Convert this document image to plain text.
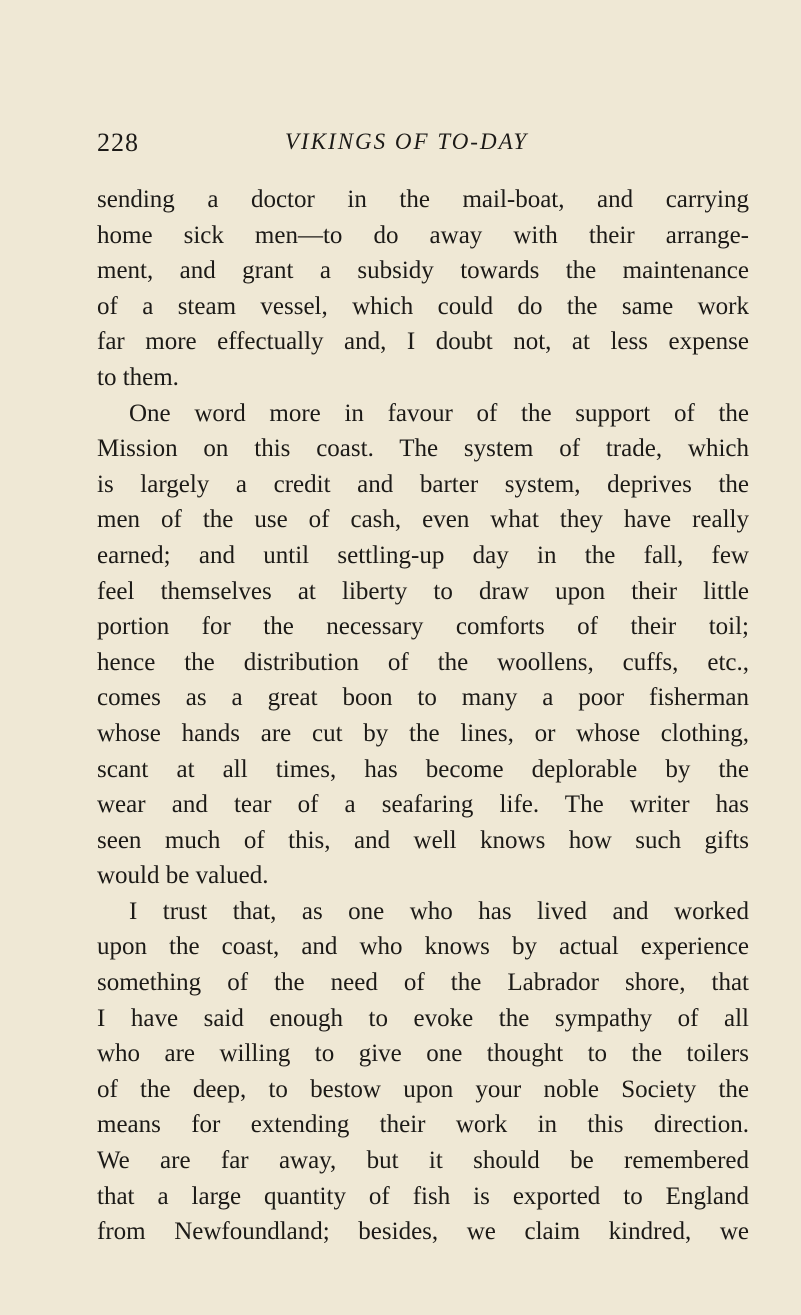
228	VIKINGS OF TO-DAY
sending a doctor in the mail-boat, and carrying
home sick men—to do away with their arrange-
ment, and grant a subsidy towards the maintenance
of a steam vessel, which could do the same work
far more effectually and, I doubt not, at less expense
to them.
One word more in favour of the support of the
Mission on this coast. The system of trade, which
is largely a credit and barter system, deprives the
men of the use of cash, even what they have really
earned; and until settling-up day in the fall, few
feel themselves at liberty to draw upon their little
portion for the necessary comforts of their toil;
hence the distribution of the woollens, cuffs, etc.,
comes as a great boon to many a poor fisherman
whose hands are cut by the lines, or whose clothing,
scant at all times, has become deplorable by the
wear and tear of a seafaring life. The writer has
seen much of this, and well knows how such gifts
would be valued.
I trust that, as one who has lived and worked
upon the coast, and who knows by actual experience
something of the need of the Labrador shore, that
I have said enough to evoke the sympathy of all
who are willing to give one thought to the toilers
of the deep, to bestow upon your noble Society the
means for extending their work in this direction.
We are far away, but it should be remembered
that a large quantity of fish is exported to England
from Newfoundland; besides, we claim kindred, we
